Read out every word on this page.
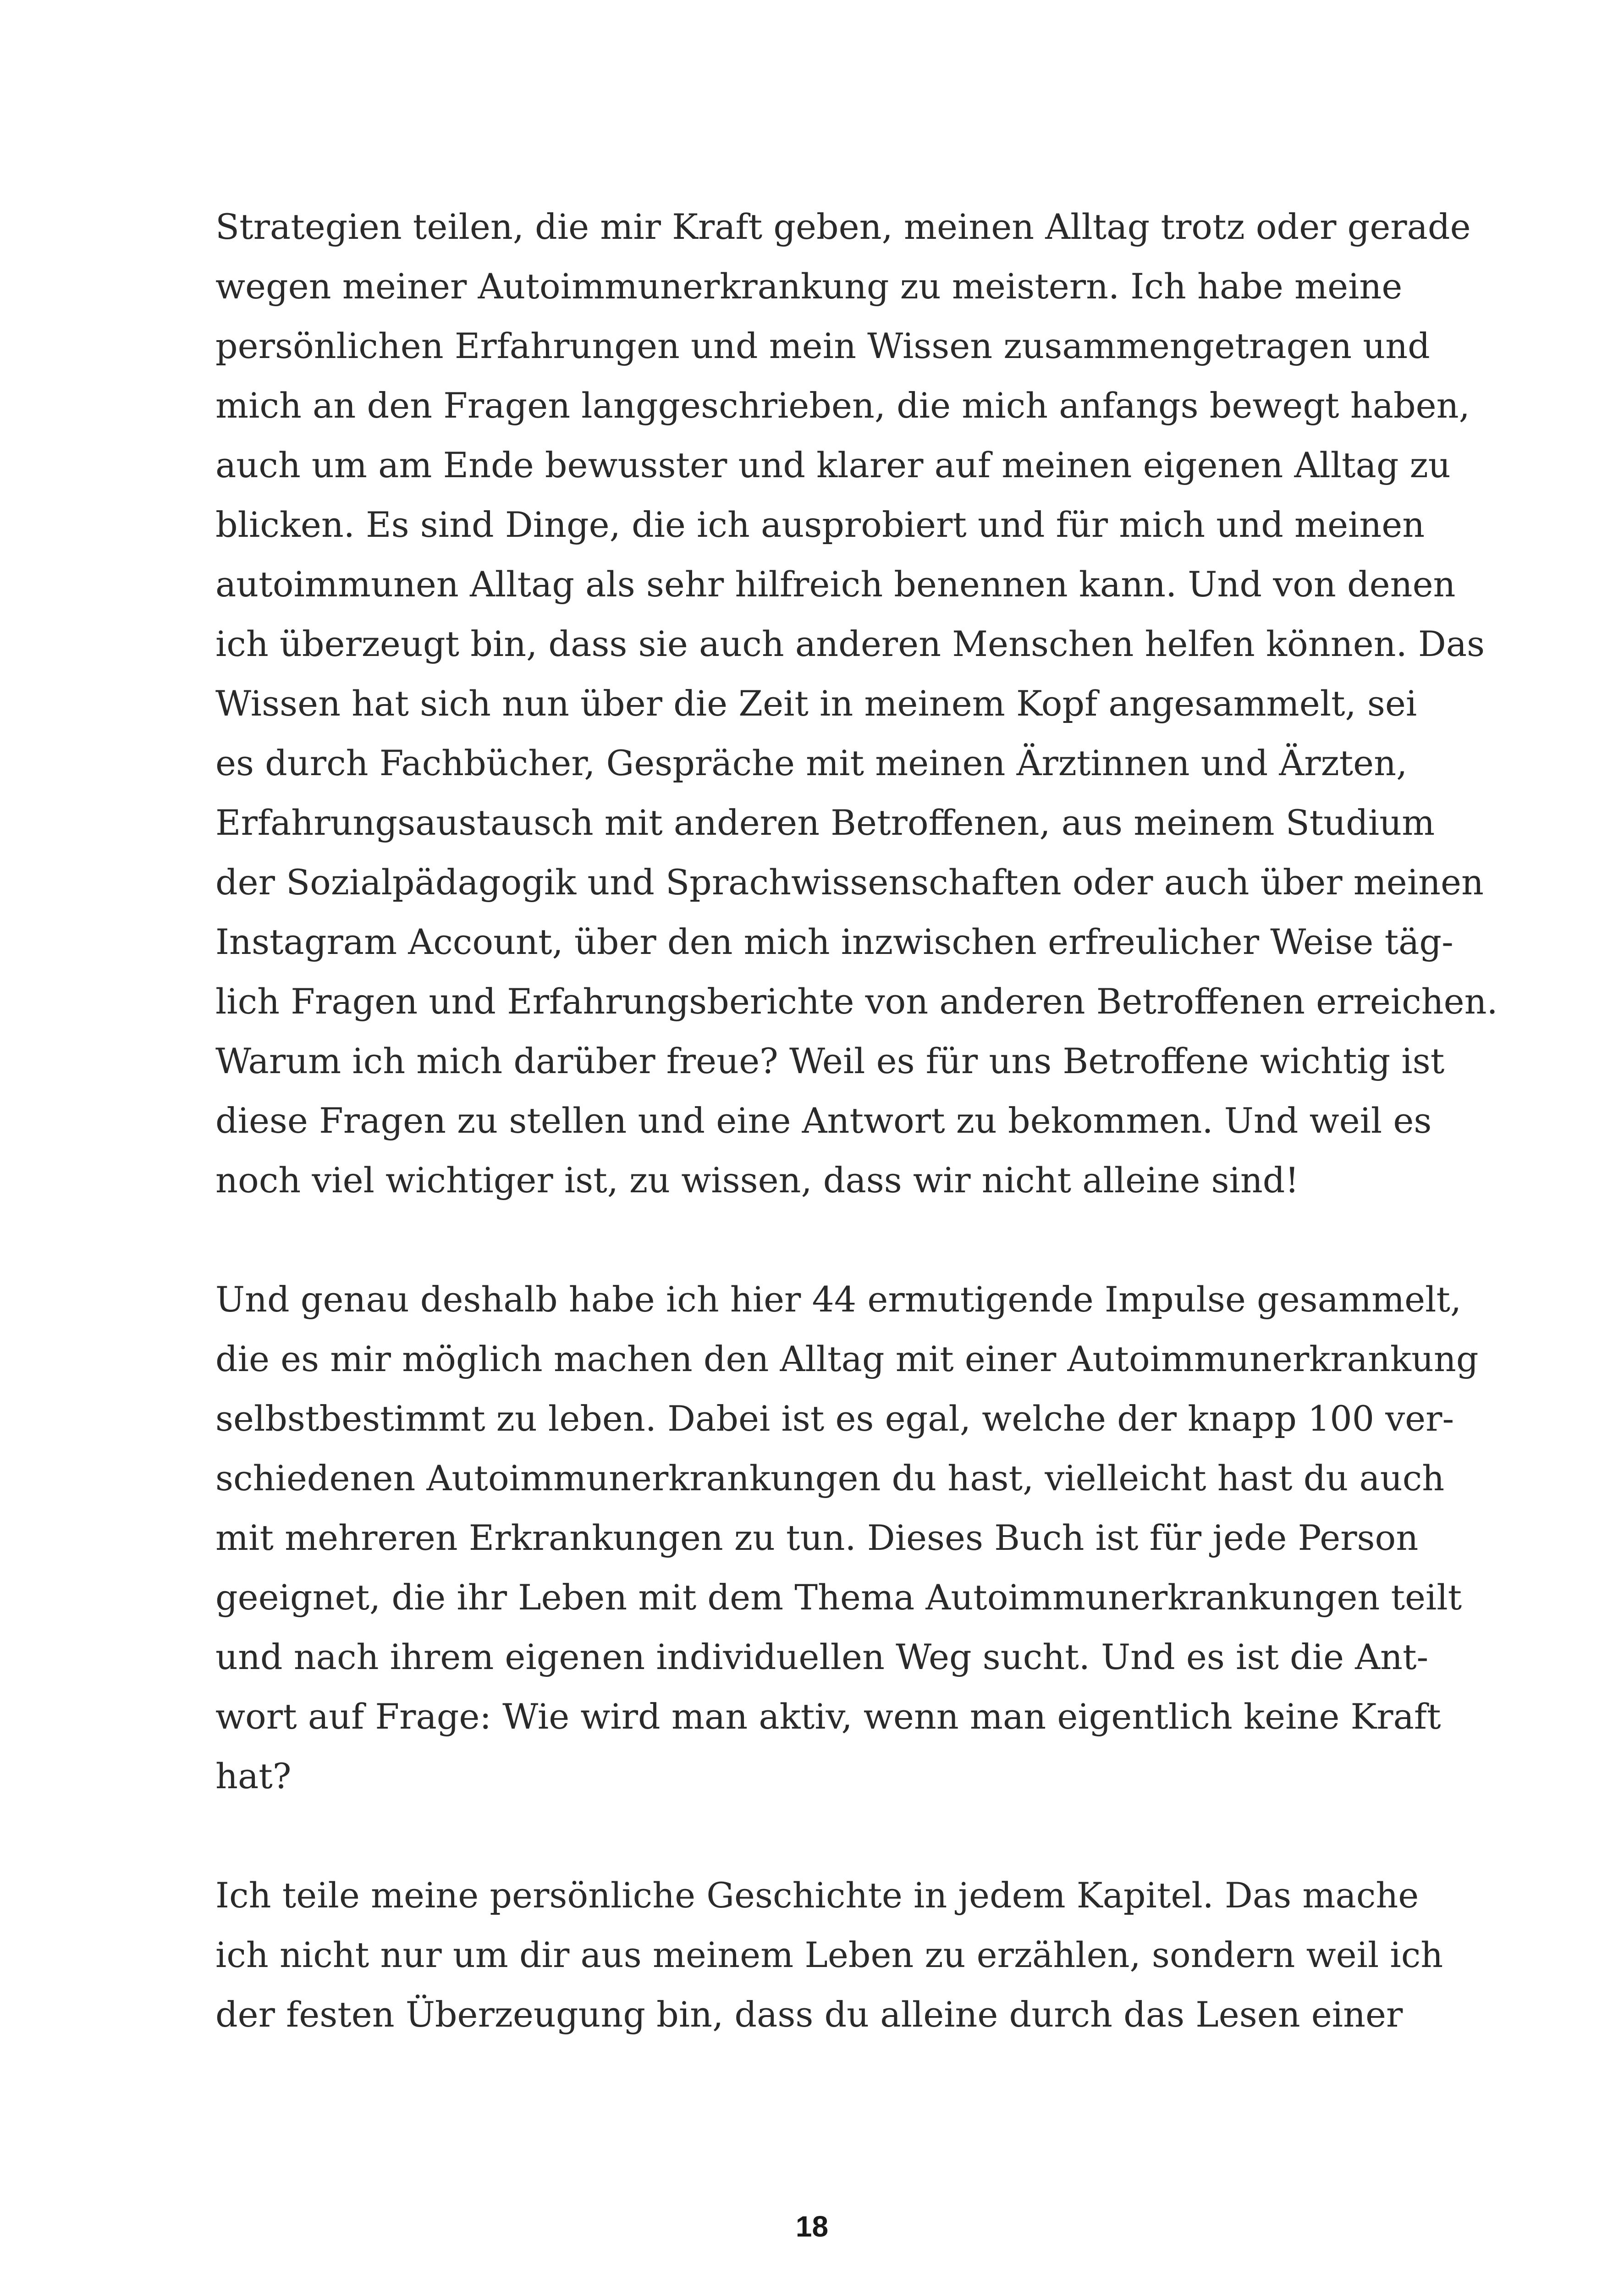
Strategien teilen, die mir Kraft geben, meinen Alltag trotz oder gerade
wegen meiner Autoimmunerkrankung zu meistern. Ich habe meine
persönlichen Erfahrungen und mein Wissen zusammengetragen und
mich an den Fragen langgeschrieben, die mich anfangs bewegt haben,
auch um am Ende bewusster und klarer auf meinen eigenen Alltag zu
blicken. Es sind Dinge, die ich ausprobiert und für mich und meinen
autoimmunen Alltag als sehr hilfreich benennen kann. Und von denen
ich überzeugt bin, dass sie auch anderen Menschen helfen können. Das
Wissen hat sich nun über die Zeit in meinem Kopf angesammelt, sei
es durch Fachbücher, Gespräche mit meinen Ärztinnen und Ärzten,
Erfahrungsaustausch mit anderen Betroffenen, aus meinem Studium
der Sozialpädagogik und Sprachwissenschaften oder auch über meinen
Instagram Account, über den mich inzwischen erfreulicher Weise täg-
lich Fragen und Erfahrungsberichte von anderen Betroffenen erreichen.
Warum ich mich darüber freue? Weil es für uns Betroffene wichtig ist
diese Fragen zu stellen und eine Antwort zu bekommen. Und weil es
noch viel wichtiger ist, zu wissen, dass wir nicht alleine sind!
Und genau deshalb habe ich hier 44 ermutigende Impulse gesammelt,
die es mir möglich machen den Alltag mit einer Autoimmunerkrankung
selbstbestimmt zu leben. Dabei ist es egal, welche der knapp 100 ver-
schiedenen Autoimmunerkrankungen du hast, vielleicht hast du auch
mit mehreren Erkrankungen zu tun. Dieses Buch ist für jede Person
geeignet, die ihr Leben mit dem Thema Autoimmunerkrankungen teilt
und nach ihrem eigenen individuellen Weg sucht. Und es ist die Ant-
wort auf Frage: Wie wird man aktiv, wenn man eigentlich keine Kraft
hat?
Ich teile meine persönliche Geschichte in jedem Kapitel. Das mache
ich nicht nur um dir aus meinem Leben zu erzählen, sondern weil ich
der festen Überzeugung bin, dass du alleine durch das Lesen einer
18
